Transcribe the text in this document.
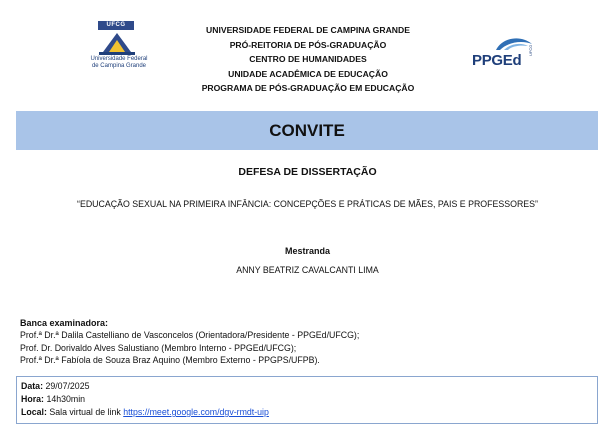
UFCG
Universidade Federal
de Campina Grande
UNIVERSIDADE FEDERAL DE CAMPINA GRANDE
PRÓ-REITORIA DE PÓS-GRADUAÇÃO
CENTRO DE HUMANIDADES
UNIDADE ACADÊMICA DE EDUCAÇÃO
PROGRAMA DE PÓS-GRADUAÇÃO EM EDUCAÇÃO
PPGEd
UFCG
CONVITE
DEFESA DE DISSERTAÇÃO
“EDUCAÇÃO SEXUAL NA PRIMEIRA INFÂNCIA: CONCEPÇÕES E PRÁTICAS DE MÃES, PAIS E PROFESSORES”
Mestranda
ANNY BEATRIZ CAVALCANTI LIMA
Banca examinadora:
Prof.ª Dr.ª Dalila Castelliano de Vasconcelos (Orientadora/Presidente - PPGEd/UFCG);
Prof. Dr. Dorivaldo Alves Salustiano (Membro Interno - PPGEd/UFCG);
Prof.ª Dr.ª Fabíola de Souza Braz Aquino (Membro Externo - PPGPS/UFPB).
Data: 29/07/2025
Hora: 14h30min
Local: Sala virtual de link https://meet.google.com/dgv-rmdt-uip
